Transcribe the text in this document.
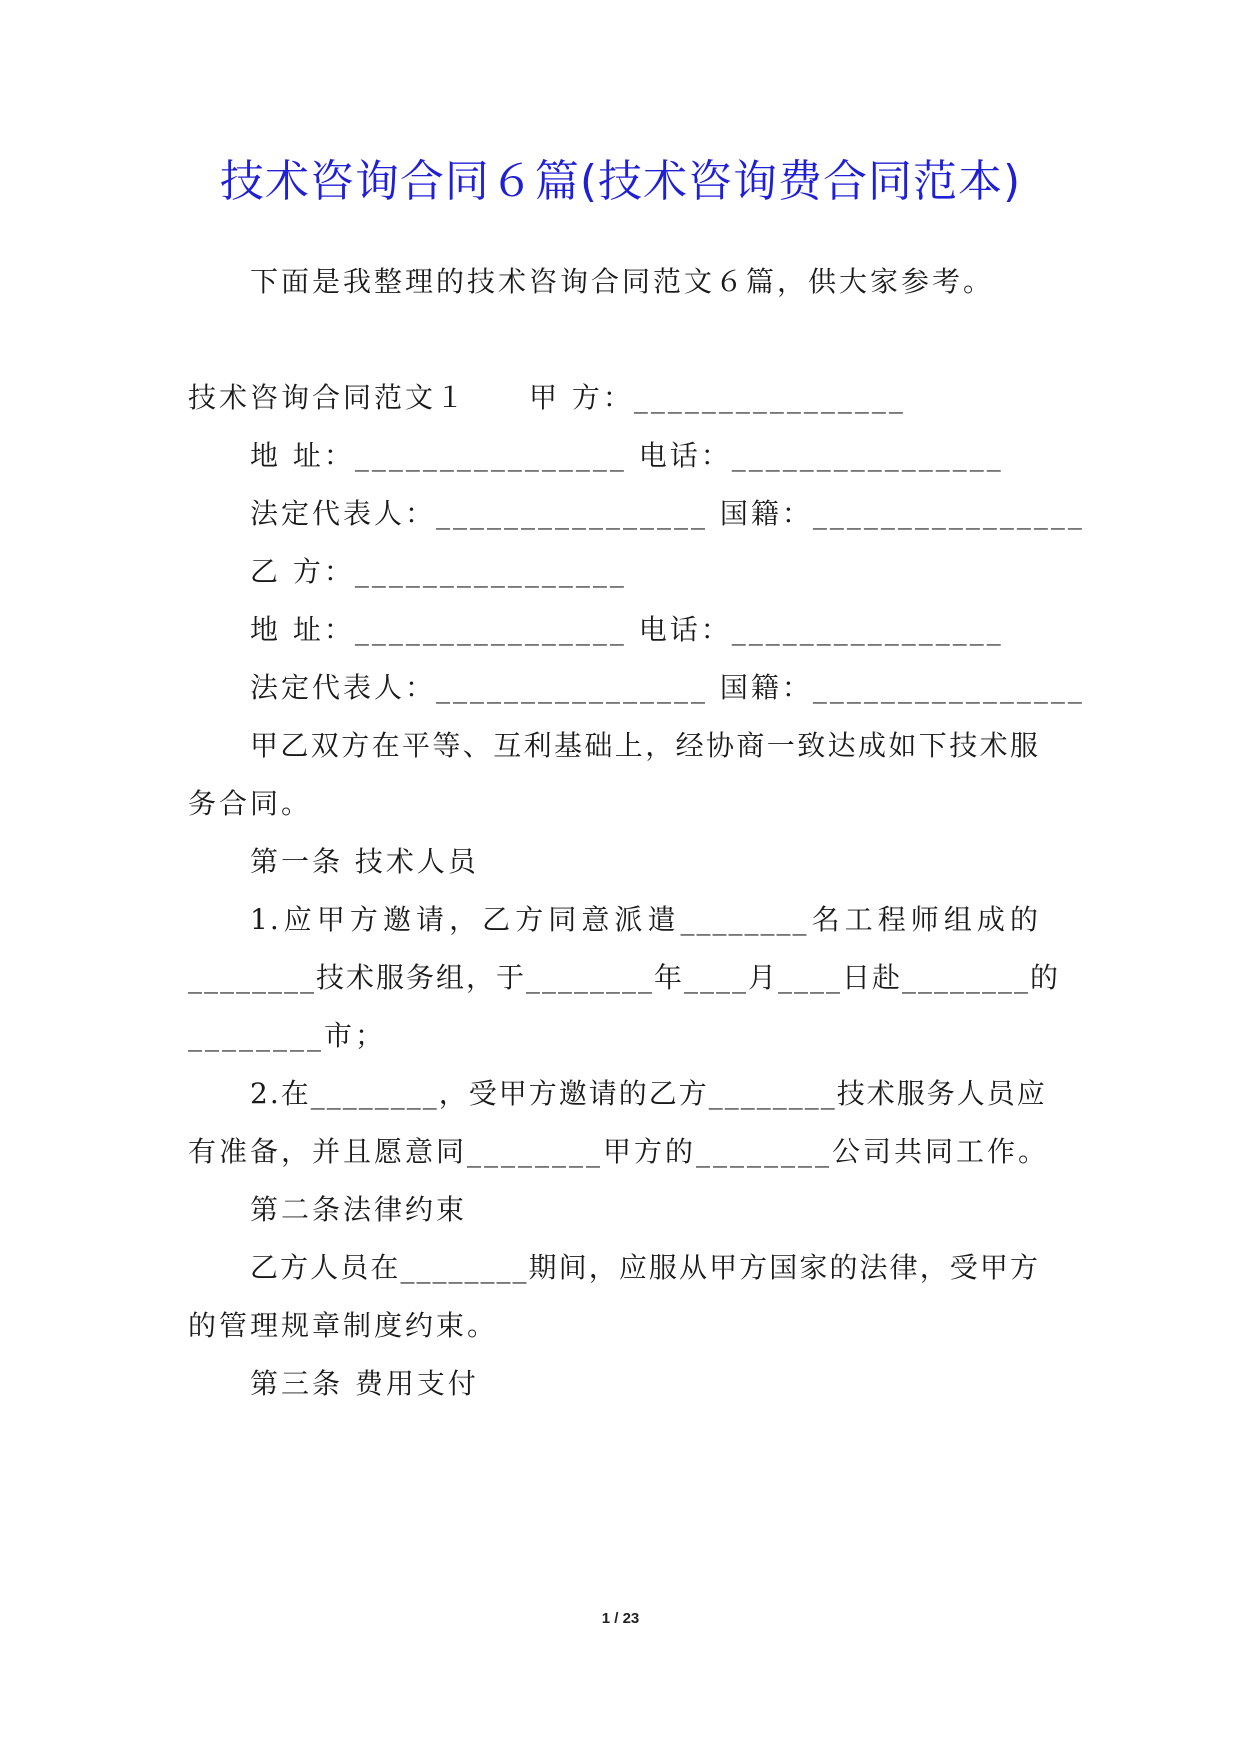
技术咨询合同６篇(技术咨询费合同范本)
下面是我整理的技术咨询合同范文６篇，供大家参考。
技术咨询合同范文１　　甲 方：________________
地 址：________________ 电话：________________
法定代表人：________________ 国籍：________________
乙 方：________________
地 址：________________ 电话：________________
法定代表人：________________ 国籍：________________
甲乙双方在平等、互利基础上，经协商一致达成如下技术服
务合同。
第一条 技术人员
1.应甲方邀请，乙方同意派遣________名工程师组成的
________技术服务组，于________年____月____日赴________的
________市；
2.在________，受甲方邀请的乙方________技术服务人员应
有准备，并且愿意同________甲方的________公司共同工作。
第二条法律约束
乙方人员在________期间，应服从甲方国家的法律，受甲方
的管理规章制度约束。
第三条 费用支付
1 / 23
